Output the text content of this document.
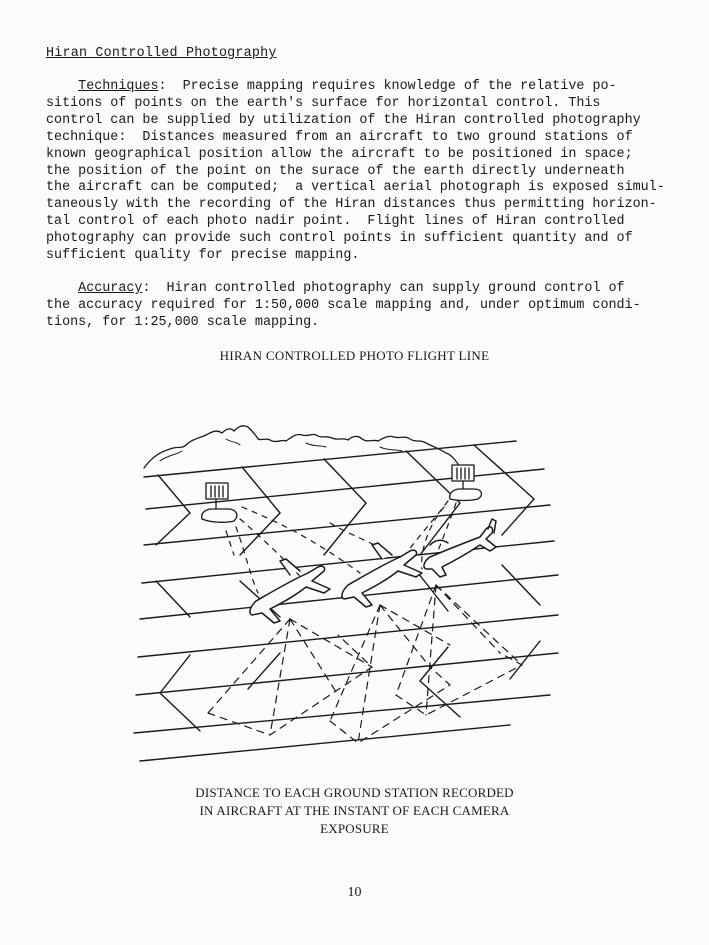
Hiran Controlled Photography

Techniques:  Precise mapping requires knowledge of the relative po-
sitions of points on the earth's surface for horizontal control. This
control can be supplied by utilization of the Hiran controlled photography
technique:  Distances measured from an aircraft to two ground stations of
known geographical position allow the aircraft to be positioned in space;
the position of the point on the surace of the earth directly underneath
the aircraft can be computed;  a vertical aerial photograph is exposed simul-
taneously with the recording of the Hiran distances thus permitting horizon-
tal control of each photo nadir point.  Flight lines of Hiran controlled
photography can provide such control points in sufficient quantity and of
sufficient quality for precise mapping.

Accuracy:  Hiran controlled photography can supply ground control of
the accuracy required for 1:50,000 scale mapping and, under optimum condi-
tions, for 1:25,000 scale mapping.

HIRAN CONTROLLED PHOTO FLIGHT LINE
DISTANCE TO EACH GROUND STATION RECORDED
IN AIRCRAFT AT THE INSTANT OF EACH CAMERA
EXPOSURE
10
